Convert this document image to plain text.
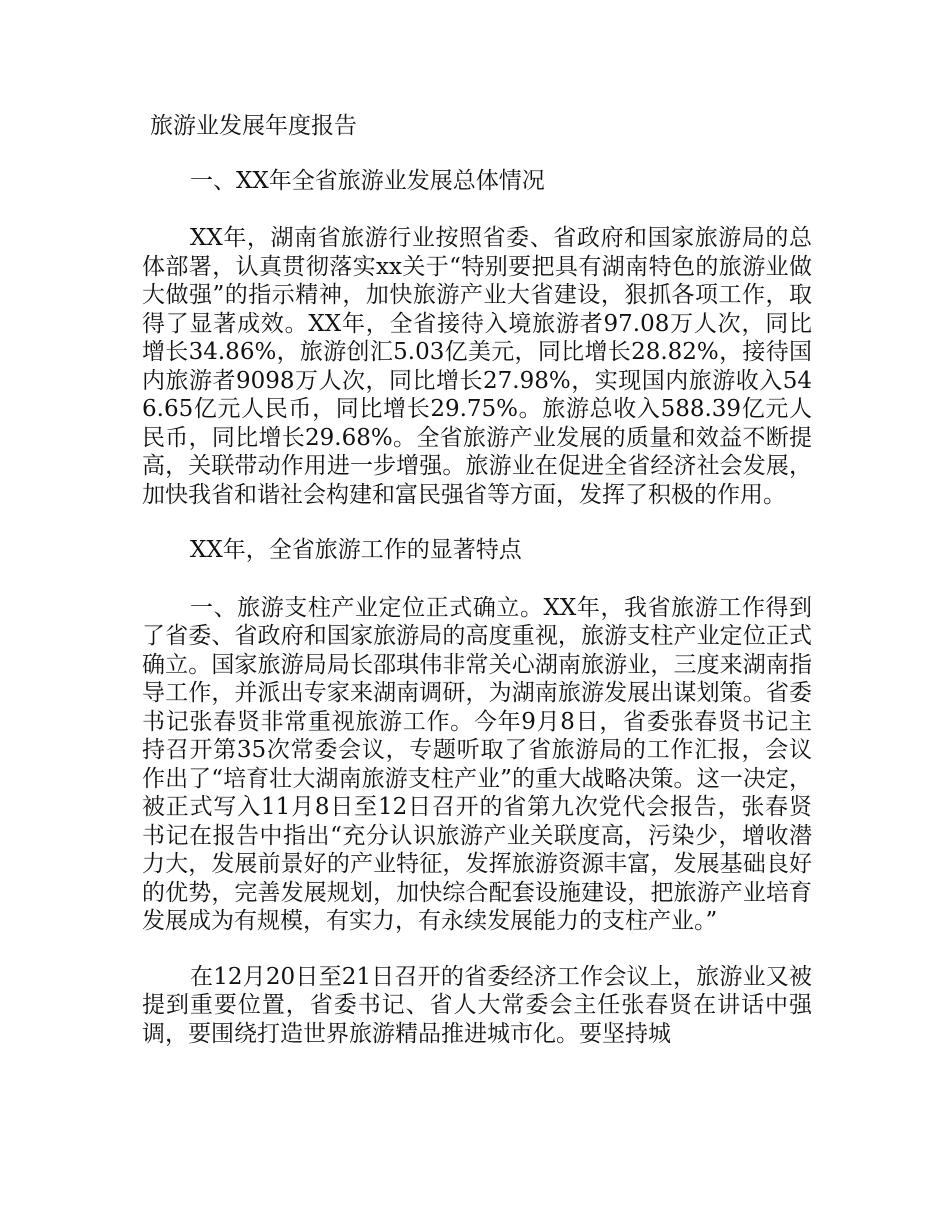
旅游业发展年度报告

一、XX年全省旅游业发展总体情况

XX年，湖南省旅游行业按照省委、省政府和国家旅游局的总体部署，认真贯彻落实xx关于“特别要把具有湖南特色的旅游业做大做强”的指示精神，加快旅游产业大省建设，狠抓各项工作，取得了显著成效。XX年，全省接待入境旅游者97.08万人次，同比增长34.86%，旅游创汇5.03亿美元，同比增长28.82%，接待国内旅游者9098万人次，同比增长27.98%，实现国内旅游收入546.65亿元人民币，同比增长29.75%。旅游总收入588.39亿元人民币，同比增长29.68%。全省旅游产业发展的质量和效益不断提高，关联带动作用进一步增强。旅游业在促进全省经济社会发展，加快我省和谐社会构建和富民强省等方面，发挥了积极的作用。

XX年，全省旅游工作的显著特点

一、旅游支柱产业定位正式确立。XX年，我省旅游工作得到了省委、省政府和国家旅游局的高度重视，旅游支柱产业定位正式确立。国家旅游局局长邵琪伟非常关心湖南旅游业，三度来湖南指导工作，并派出专家来湖南调研，为湖南旅游发展出谋划策。省委书记张春贤非常重视旅游工作。今年9月8日，省委张春贤书记主持召开第35次常委会议，专题听取了省旅游局的工作汇报，会议作出了“培育壮大湖南旅游支柱产业”的重大战略决策。这一决定，被正式写入11月8日至12日召开的省第九次党代会报告，张春贤书记在报告中指出“充分认识旅游产业关联度高，污染少，增收潜力大，发展前景好的产业特征，发挥旅游资源丰富，发展基础良好的优势，完善发展规划，加快综合配套设施建设，把旅游产业培育发展成为有规模，有实力，有永续发展能力的支柱产业。”

在12月20日至21日召开的省委经济工作会议上，旅游业又被提到重要位置，省委书记、省人大常委会主任张春贤在讲话中强调，要围绕打造世界旅游精品推进城市化。要坚持城
